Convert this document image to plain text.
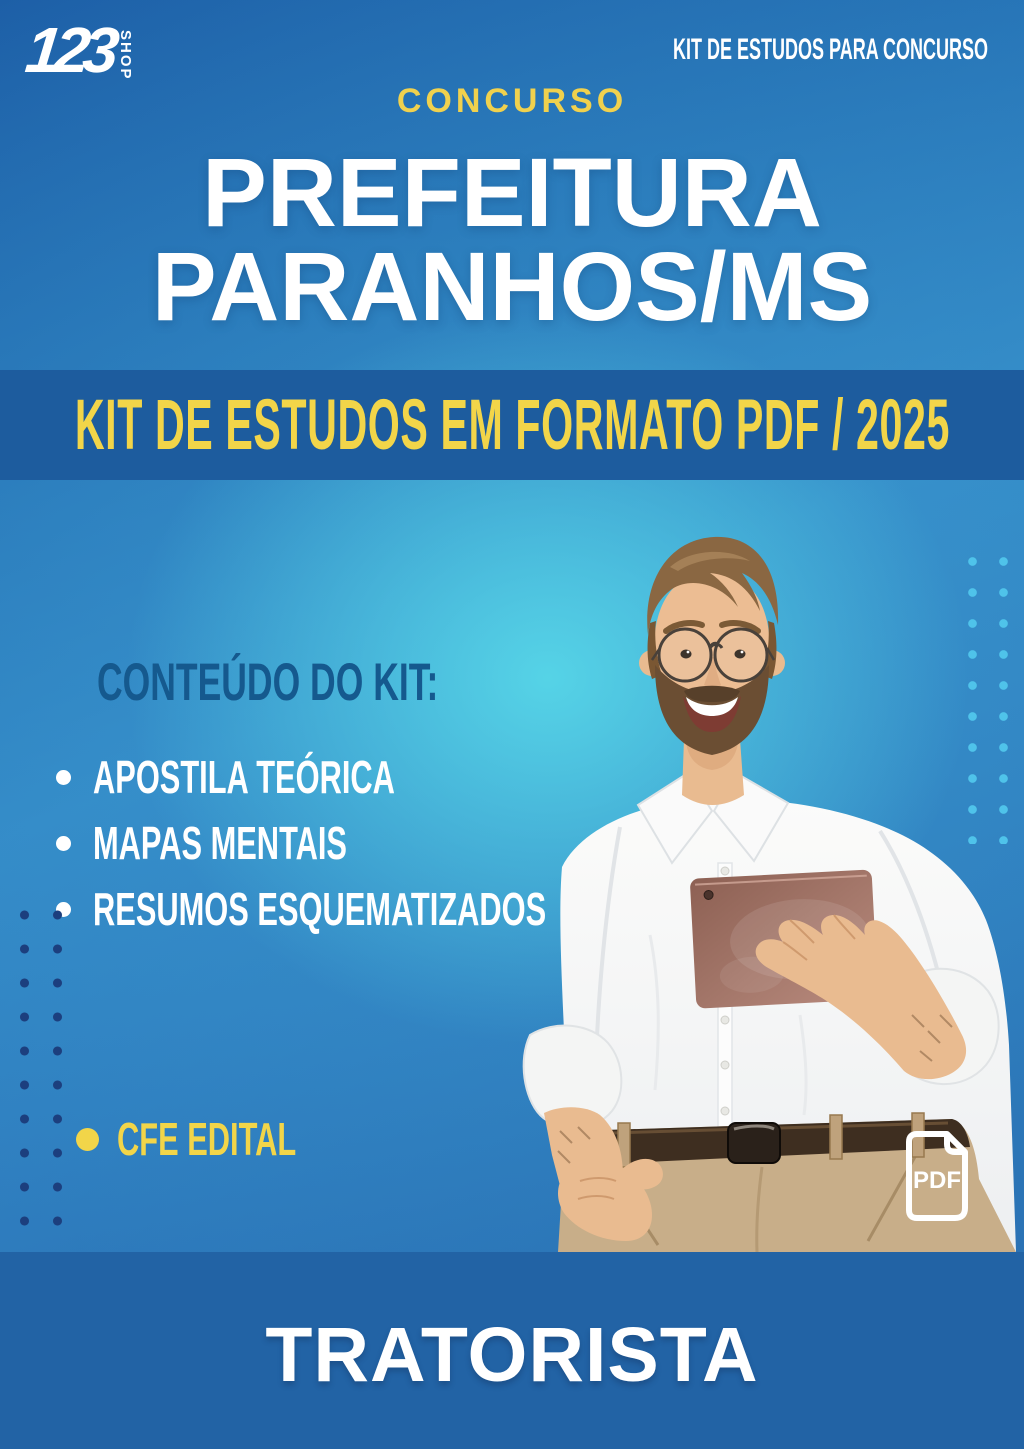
123 SHOP	KIT DE ESTUDOS PARA CONCURSO
CONCURSO
PREFEITURA
PARANHOS/MS
KIT DE ESTUDOS EM FORMATO PDF / 2025
CONTEÚDO DO KIT:
APOSTILA TEÓRICA
MAPAS MENTAIS
RESUMOS ESQUEMATIZADOS
CFE EDITAL
PDF
TRATORISTA
